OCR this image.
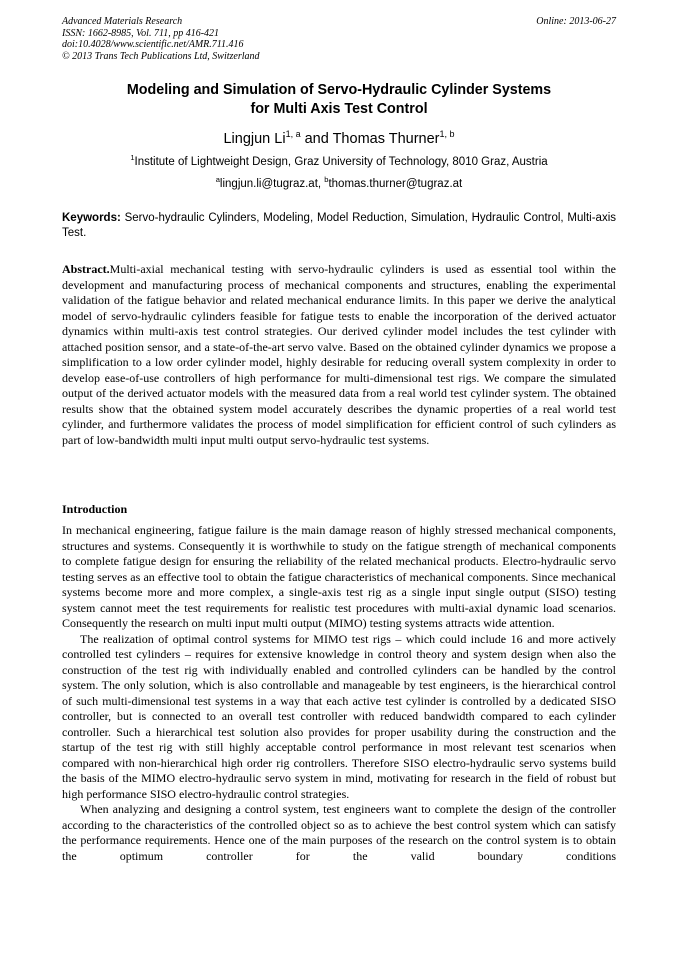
Advanced Materials Research
ISSN: 1662-8985, Vol. 711, pp 416-421
doi:10.4028/www.scientific.net/AMR.711.416
© 2013 Trans Tech Publications Ltd, Switzerland
Online: 2013-06-27
Modeling and Simulation of Servo-Hydraulic Cylinder Systems
for Multi Axis Test Control
Lingjun Li$^{1, a}$ and Thomas Thurner$^{1, b}$
$^1$Institute of Lightweight Design, Graz University of Technology, 8010 Graz, Austria
$^a$lingjun.li@tugraz.at, $^b$thomas.thurner@tugraz.at
Keywords: Servo-hydraulic Cylinders, Modeling, Model Reduction, Simulation, Hydraulic Control, Multi-axis Test.
Abstract.Multi-axial mechanical testing with servo-hydraulic cylinders is used as essential tool within the development and manufacturing process of mechanical components and structures, enabling the experimental validation of the fatigue behavior and related mechanical endurance limits. In this paper we derive the analytical model of servo-hydraulic cylinders feasible for fatigue tests to enable the incorporation of the derived actuator dynamics within multi-axis test control strategies. Our derived cylinder model includes the test cylinder with attached position sensor, and a state-of-the-art servo valve. Based on the obtained cylinder dynamics we propose a simplification to a low order cylinder model, highly desirable for reducing overall system complexity in order to develop ease-of-use controllers of high performance for multi-dimensional test rigs. We compare the simulated output of the derived actuator models with the measured data from a real world test cylinder system. The obtained results show that the obtained system model accurately describes the dynamic properties of a real world test cylinder, and furthermore validates the process of model simplification for efficient control of such cylinders as part of low-bandwidth multi input multi output servo-hydraulic test systems.
Introduction

In mechanical engineering, fatigue failure is the main damage reason of highly stressed mechanical components, structures and systems. Consequently it is worthwhile to study on the fatigue strength of mechanical components to complete fatigue design for ensuring the reliability of the related mechanical products. Electro-hydraulic servo testing serves as an effective tool to obtain the fatigue characteristics of mechanical components. Since mechanical systems become more and more complex, a single-axis test rig as a single input single output (SISO) testing system cannot meet the test requirements for realistic test procedures with multi-axial dynamic load scenarios. Consequently the research on multi input multi output (MIMO) testing systems attracts wide attention.

The realization of optimal control systems for MIMO test rigs – which could include 16 and more actively controlled test cylinders – requires for extensive knowledge in control theory and system design when also the construction of the test rig with individually enabled and controlled cylinders can be handled by the control system. The only solution, which is also controllable and manageable by test engineers, is the hierarchical control of such multi-dimensional test systems in a way that each active test cylinder is controlled by a dedicated SISO controller, but is connected to an overall test controller with reduced bandwidth compared to each cylinder controller. Such a hierarchical test solution also provides for proper usability during the construction and the startup of the test rig with still highly acceptable control performance in most relevant test scenarios when compared with non-hierarchical high order rig controllers. Therefore SISO electro-hydraulic servo systems build the basis of the MIMO electro-hydraulic servo system in mind, motivating for research in the field of robust but high performance SISO electro-hydraulic control strategies.

When analyzing and designing a control system, test engineers want to complete the design of the controller according to the characteristics of the controlled object so as to achieve the best control system which can satisfy the performance requirements. Hence one of the main purposes of the research on the control system is to obtain the optimum controller for the valid boundary conditions
